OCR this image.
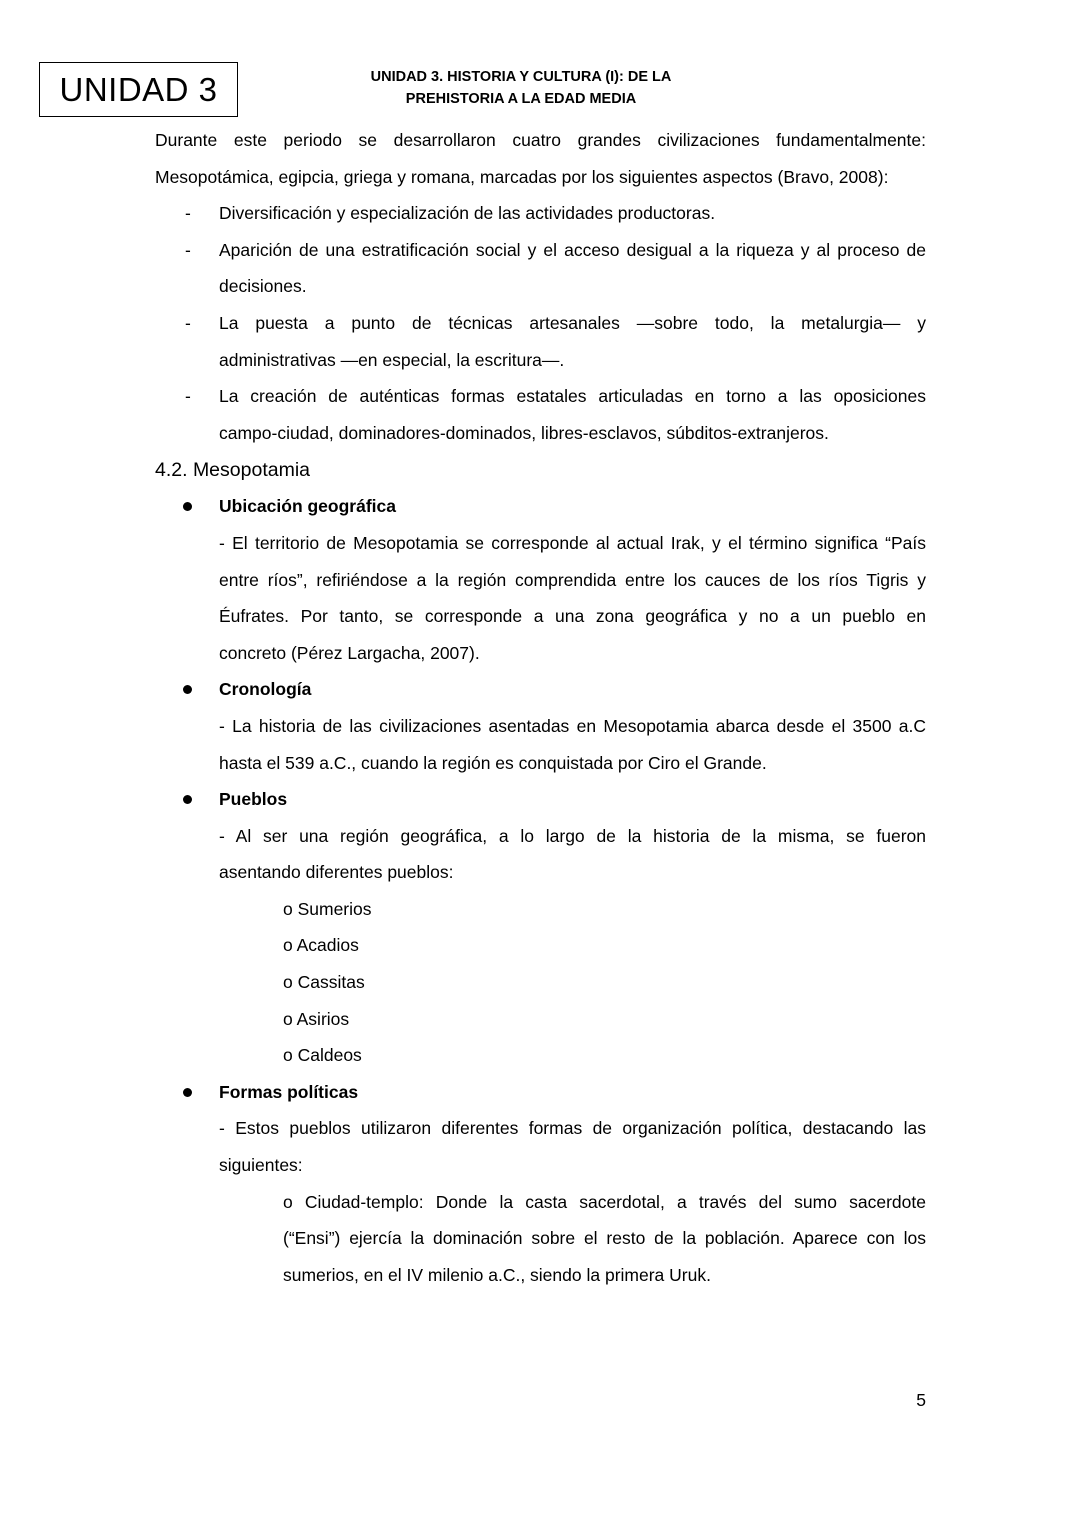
UNIDAD 3	UNIDAD 3. HISTORIA Y CULTURA (I): DE LA
PREHISTORIA A LA EDAD MEDIA
Durante este periodo se desarrollaron cuatro grandes civilizaciones fundamentalmente:
Mesopotámica, egipcia, griega y romana, marcadas por los siguientes aspectos (Bravo, 2008):
- Diversificación y especialización de las actividades productoras.
- Aparición de una estratificación social y el acceso desigual a la riqueza y al proceso de
decisiones.
- La puesta a punto de técnicas artesanales —sobre todo, la metalurgia— y
administrativas —en especial, la escritura—.
- La creación de auténticas formas estatales articuladas en torno a las oposiciones
campo-ciudad, dominadores-dominados, libres-esclavos, súbditos-extranjeros.
4.2. Mesopotamia
Ubicación geográfica
- El territorio de Mesopotamia se corresponde al actual Irak, y el término significa “País
entre ríos”, refiriéndose a la región comprendida entre los cauces de los ríos Tigris y
Éufrates. Por tanto, se corresponde a una zona geográfica y no a un pueblo en
concreto (Pérez Largacha, 2007).
Cronología
- La historia de las civilizaciones asentadas en Mesopotamia abarca desde el 3500 a.C
hasta el 539 a.C., cuando la región es conquistada por Ciro el Grande.
Pueblos
- Al ser una región geográfica, a lo largo de la historia de la misma, se fueron
asentando diferentes pueblos:
o Sumerios
o Acadios
o Cassitas
o Asirios
o Caldeos
Formas políticas
- Estos pueblos utilizaron diferentes formas de organización política, destacando las
siguientes:
o Ciudad-templo: Donde la casta sacerdotal, a través del sumo sacerdote
(“Ensi”) ejercía la dominación sobre el resto de la población. Aparece con los
sumerios, en el IV milenio a.C., siendo la primera Uruk.
5
